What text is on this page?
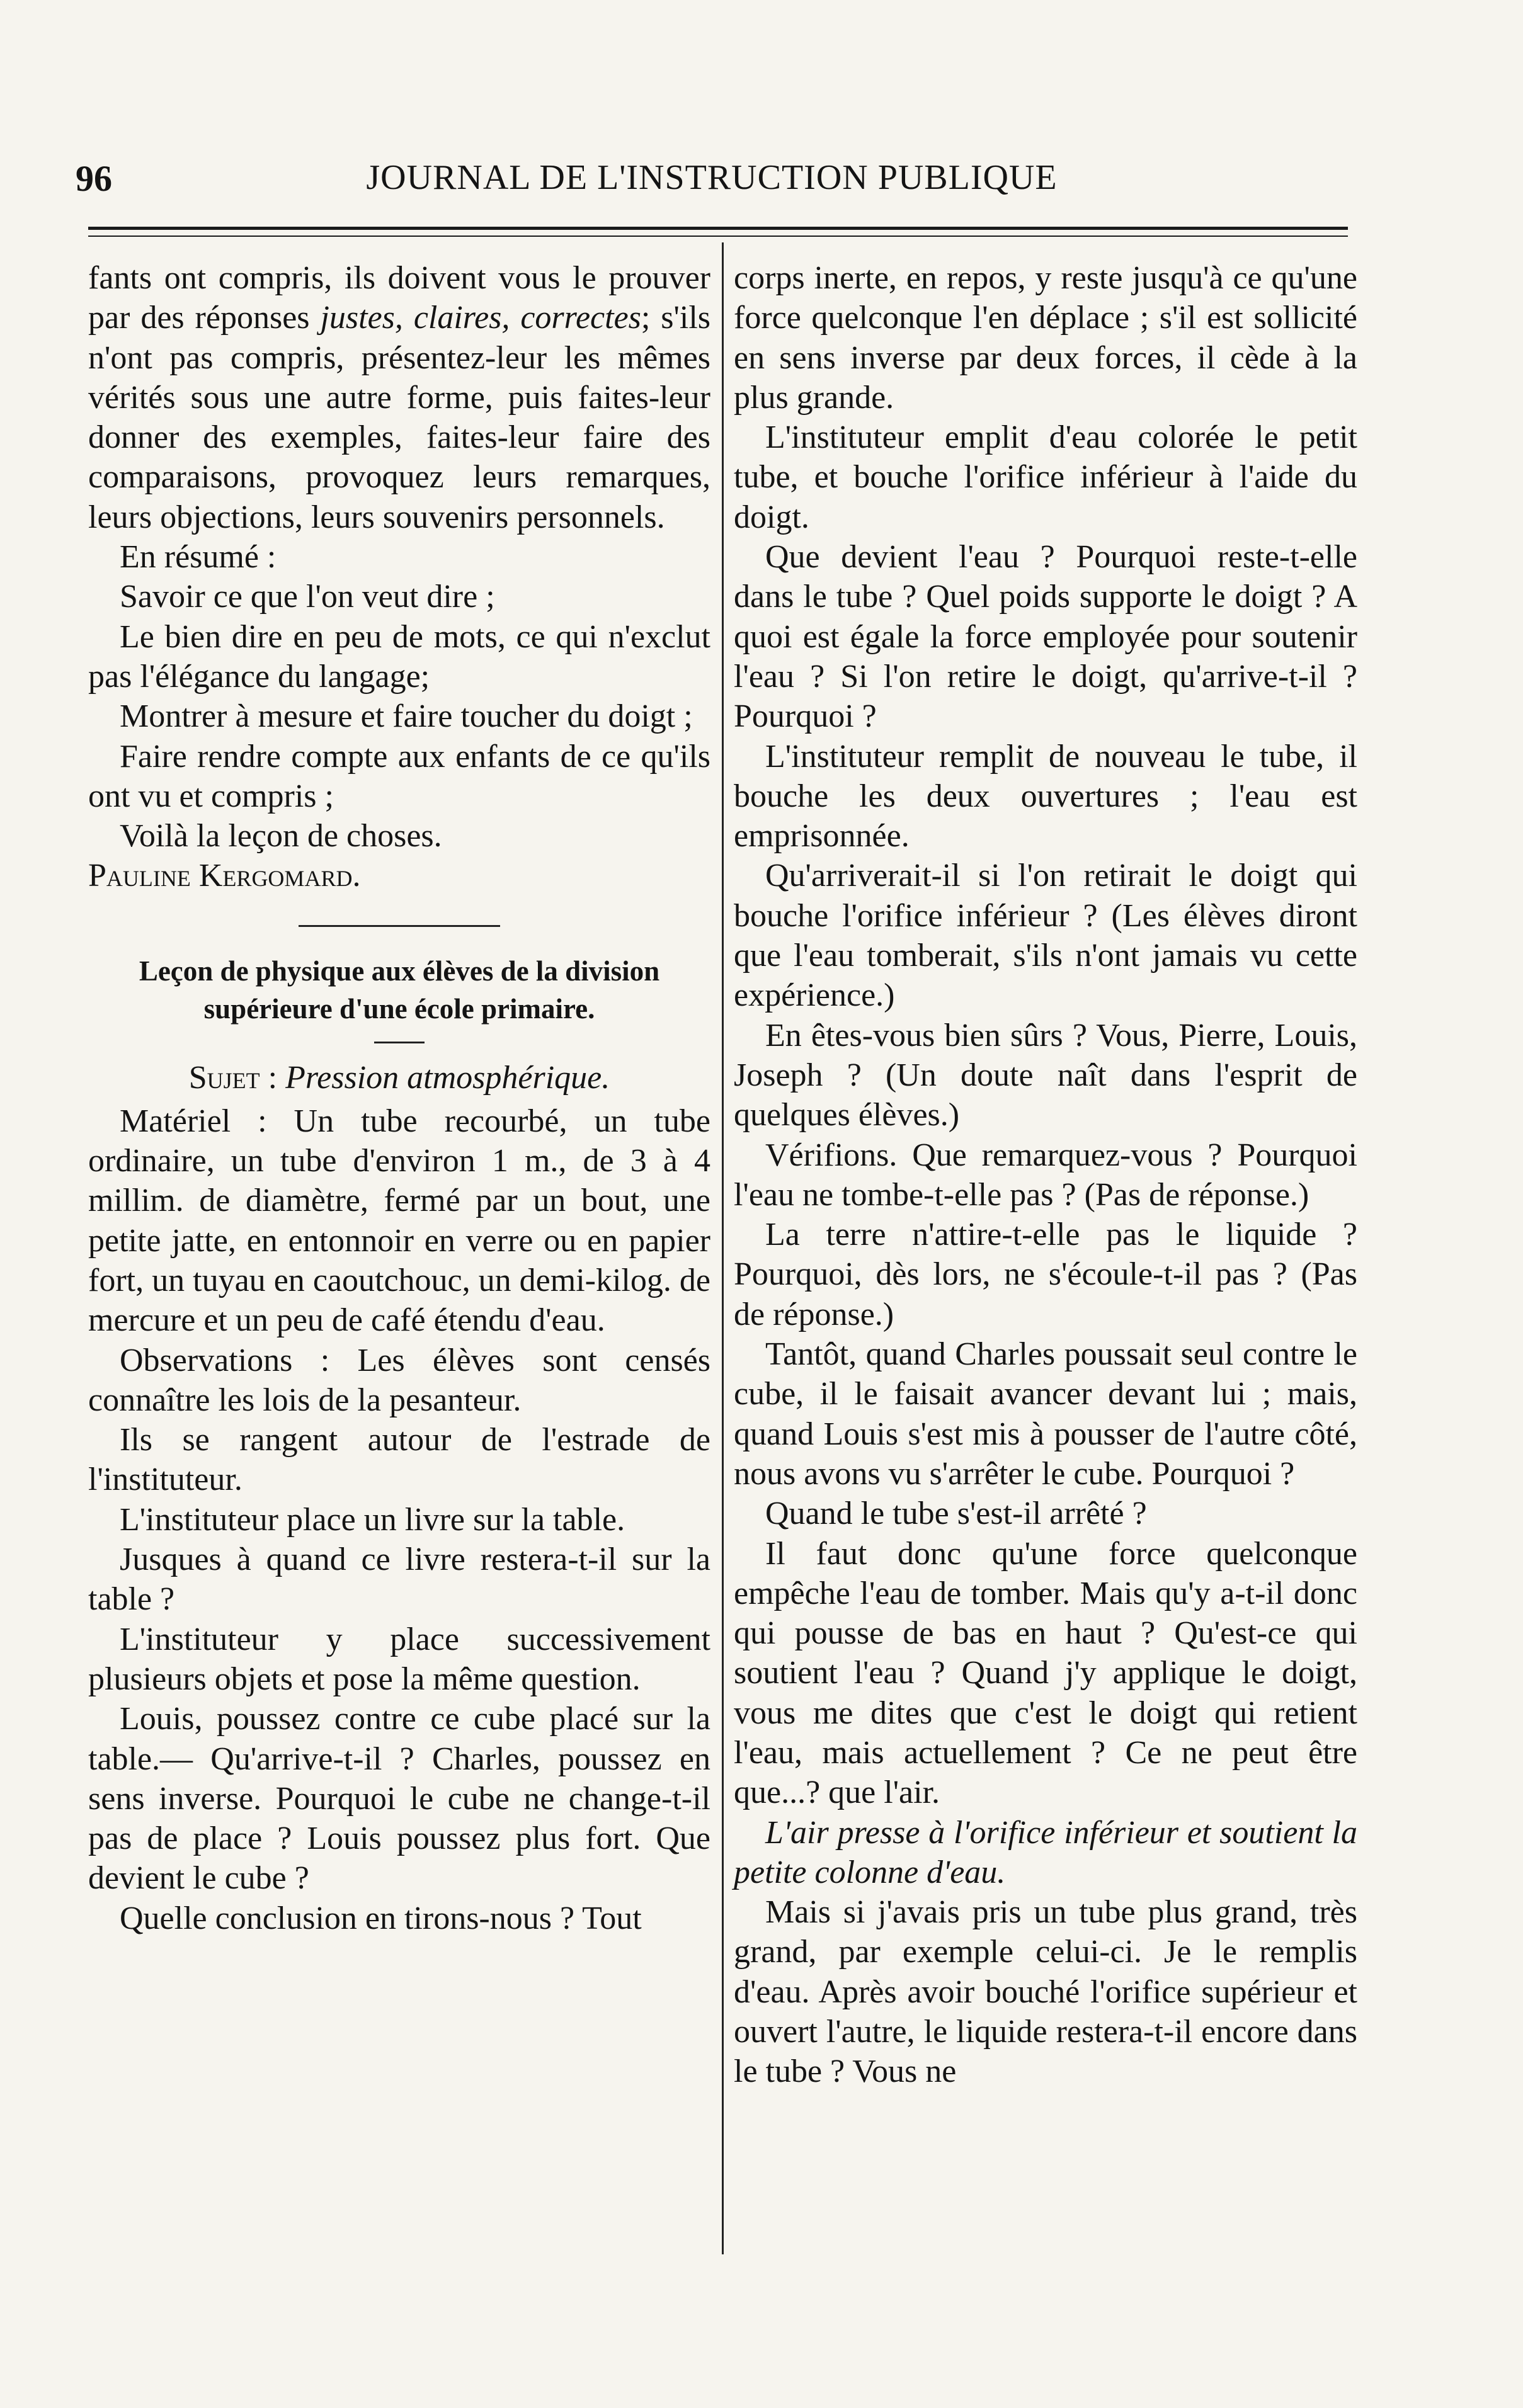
96	JOURNAL DE L'INSTRUCTION PUBLIQUE

fants ont compris, ils doivent vous le prouver par des réponses justes, claires, correctes; s'ils n'ont pas compris, présentez-leur les mêmes vérités sous une autre forme, puis faites-leur donner des exemples, faites-leur faire des comparaisons, provoquez leurs remarques, leurs objections, leurs souvenirs personnels.

En résumé :

Savoir ce que l'on veut dire ;

Le bien dire en peu de mots, ce qui n'exclut pas l'élégance du langage;

Montrer à mesure et faire toucher du doigt ;

Faire rendre compte aux enfants de ce qu'ils ont vu et compris ;

Voilà la leçon de choses.

Pauline Kergomard.

Leçon de physique aux élèves de la division supérieure d'une école primaire.
Sujet : Pression atmosphérique.

Matériel : Un tube recourbé, un tube ordinaire, un tube d'environ 1 m., de 3 à 4 millim. de diamètre, fermé par un bout, une petite jatte, en entonnoir en verre ou en papier fort, un tuyau en caoutchouc, un demi-kilog. de mercure et un peu de café étendu d'eau.

Observations : Les élèves sont censés connaître les lois de la pesanteur.

Ils se rangent autour de l'estrade de l'instituteur.

L'instituteur place un livre sur la table.

Jusques à quand ce livre restera-t-il sur la table ?

L'instituteur y place successivement plusieurs objets et pose la même question.

Louis, poussez contre ce cube placé sur la table.— Qu'arrive-t-il ? Charles, poussez en sens inverse. Pourquoi le cube ne change-t-il pas de place ? Louis poussez plus fort. Que devient le cube ?

Quelle conclusion en tirons-nous ? Tout

corps inerte, en repos, y reste jusqu'à ce qu'une force quelconque l'en déplace ; s'il est sollicité en sens inverse par deux forces, il cède à la plus grande.

L'instituteur emplit d'eau colorée le petit tube, et bouche l'orifice inférieur à l'aide du doigt.

Que devient l'eau ? Pourquoi reste-t-elle dans le tube ? Quel poids supporte le doigt ? A quoi est égale la force employée pour soutenir l'eau ? Si l'on retire le doigt, qu'arrive-t-il ? Pourquoi ?

L'instituteur remplit de nouveau le tube, il bouche les deux ouvertures ; l'eau est emprisonnée.

Qu'arriverait-il si l'on retirait le doigt qui bouche l'orifice inférieur ? (Les élèves diront que l'eau tomberait, s'ils n'ont jamais vu cette expérience.)

En êtes-vous bien sûrs ? Vous, Pierre, Louis, Joseph ? (Un doute naît dans l'esprit de quelques élèves.)

Vérifions. Que remarquez-vous ? Pourquoi l'eau ne tombe-t-elle pas ? (Pas de réponse.)

La terre n'attire-t-elle pas le liquide ? Pourquoi, dès lors, ne s'écoule-t-il pas ? (Pas de réponse.)

Tantôt, quand Charles poussait seul contre le cube, il le faisait avancer devant lui ; mais, quand Louis s'est mis à pousser de l'autre côté, nous avons vu s'arrêter le cube. Pourquoi ?

Quand le tube s'est-il arrêté ?

Il faut donc qu'une force quelconque empêche l'eau de tomber. Mais qu'y a-t-il donc qui pousse de bas en haut ? Qu'est-ce qui soutient l'eau ? Quand j'y applique le doigt, vous me dites que c'est le doigt qui retient l'eau, mais actuellement ? Ce ne peut être que...? que l'air.

L'air presse à l'orifice inférieur et soutient la petite colonne d'eau.

Mais si j'avais pris un tube plus grand, très grand, par exemple celui-ci. Je le remplis d'eau. Après avoir bouché l'orifice supérieur et ouvert l'autre, le liquide restera-t-il encore dans le tube ? Vous ne
